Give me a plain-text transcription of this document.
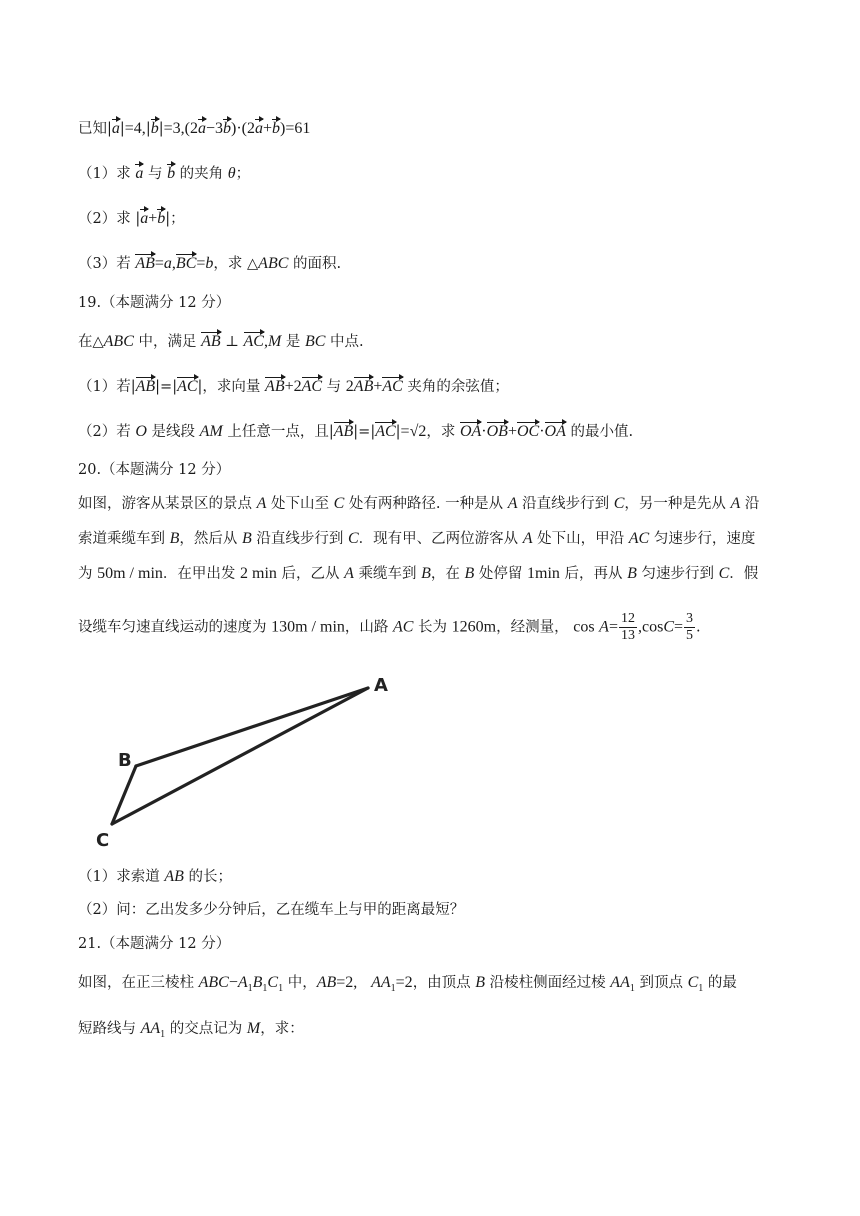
已知|a|=4,|b|=3,(2a−3b)·(2a+b)=61
（1）求 a 与 b 的夹角 θ；
（2）求 |a+b|；
（3）若 AB=a,BC=b，求 △ABC 的面积.
19.（本题满分 12 分）
在△ABC 中，满足 AB ⊥ AC,M 是 BC 中点.
（1）若|AB|=|AC|，求向量 AB+2AC 与 2AB+AC 夹角的余弦值；
（2）若 O 是线段 AM 上任意一点，且|AB|=|AC|=√2，求 OA·OB+OC·OA 的最小值.
20.（本题满分 12 分）
如图，游客从某景区的景点 A 处下山至 C 处有两种路径. 一种是从 A 沿直线步行到 C，另一种是先从 A 沿
索道乘缆车到 B，然后从 B 沿直线步行到 C．现有甲、乙两位游客从 A 处下山，甲沿 AC 匀速步行，速度
为 50m / min．在甲出发 2 min 后，乙从 A 乘缆车到 B，在 B 处停留 1min 后，再从 B 匀速步行到 C．假
设缆车匀速直线运动的速度为 130m / min，山路 AC 长为 1260m，经测量， $\cos A= \frac{12}{13} ,\cos C= \frac{3}{5}$ .
A
B
C
（1）求索道 AB 的长；
（2）问：乙出发多少分钟后，乙在缆车上与甲的距离最短？
21.（本题满分 12 分）
如图，在正三棱柱 $ABC-A_1B_1C_1$ 中，AB=2, $AA_1=2$，由顶点 B 沿棱柱侧面经过棱 $AA_1$ 到顶点 $C_1$ 的最
短路线与 $AA_1$ 的交点记为 M，求：
